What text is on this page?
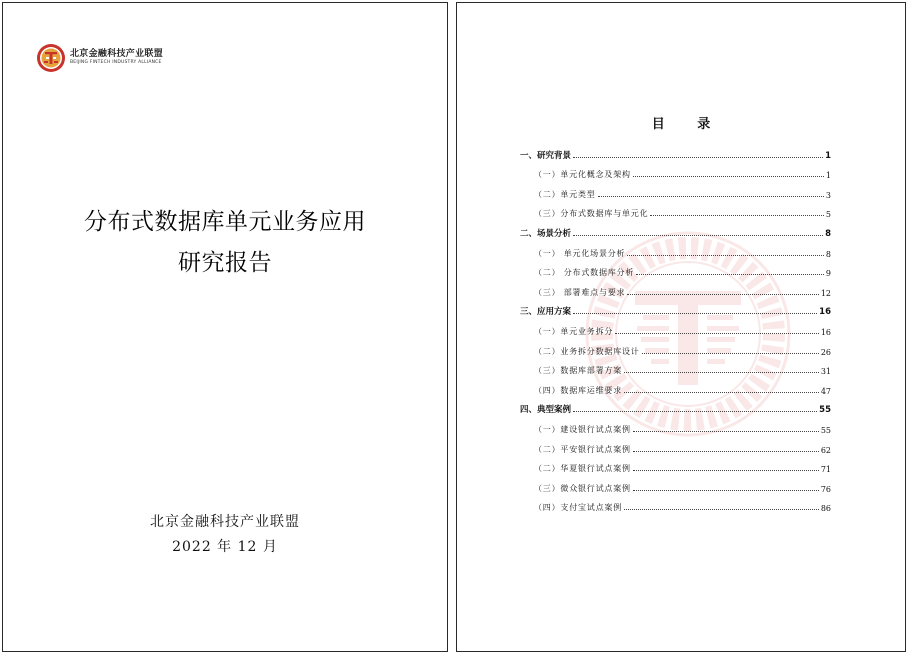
北京金融科技产业联盟
BEIJING FINTECH INDUSTRY ALLIANCE
分布式数据库单元业务应用
研究报告
北京金融科技产业联盟
2022 年 12 月
目 录
一、研究背景	1
（一）单元化概念及架构	1
（二）单元类型	3
（三）分布式数据库与单元化	5
二、场景分析	8
（一） 单元化场景分析	8
（二） 分布式数据库分析	9
（三） 部署难点与要求	12
三、应用方案	16
（一）单元业务拆分	16
（二）业务拆分数据库设计	26
（三）数据库部署方案	31
（四）数据库运维要求	47
四、典型案例	55
（一）建设银行试点案例	55
（二）平安银行试点案例	62
（二）华夏银行试点案例	71
（三）微众银行试点案例	76
（四）支付宝试点案例	86
